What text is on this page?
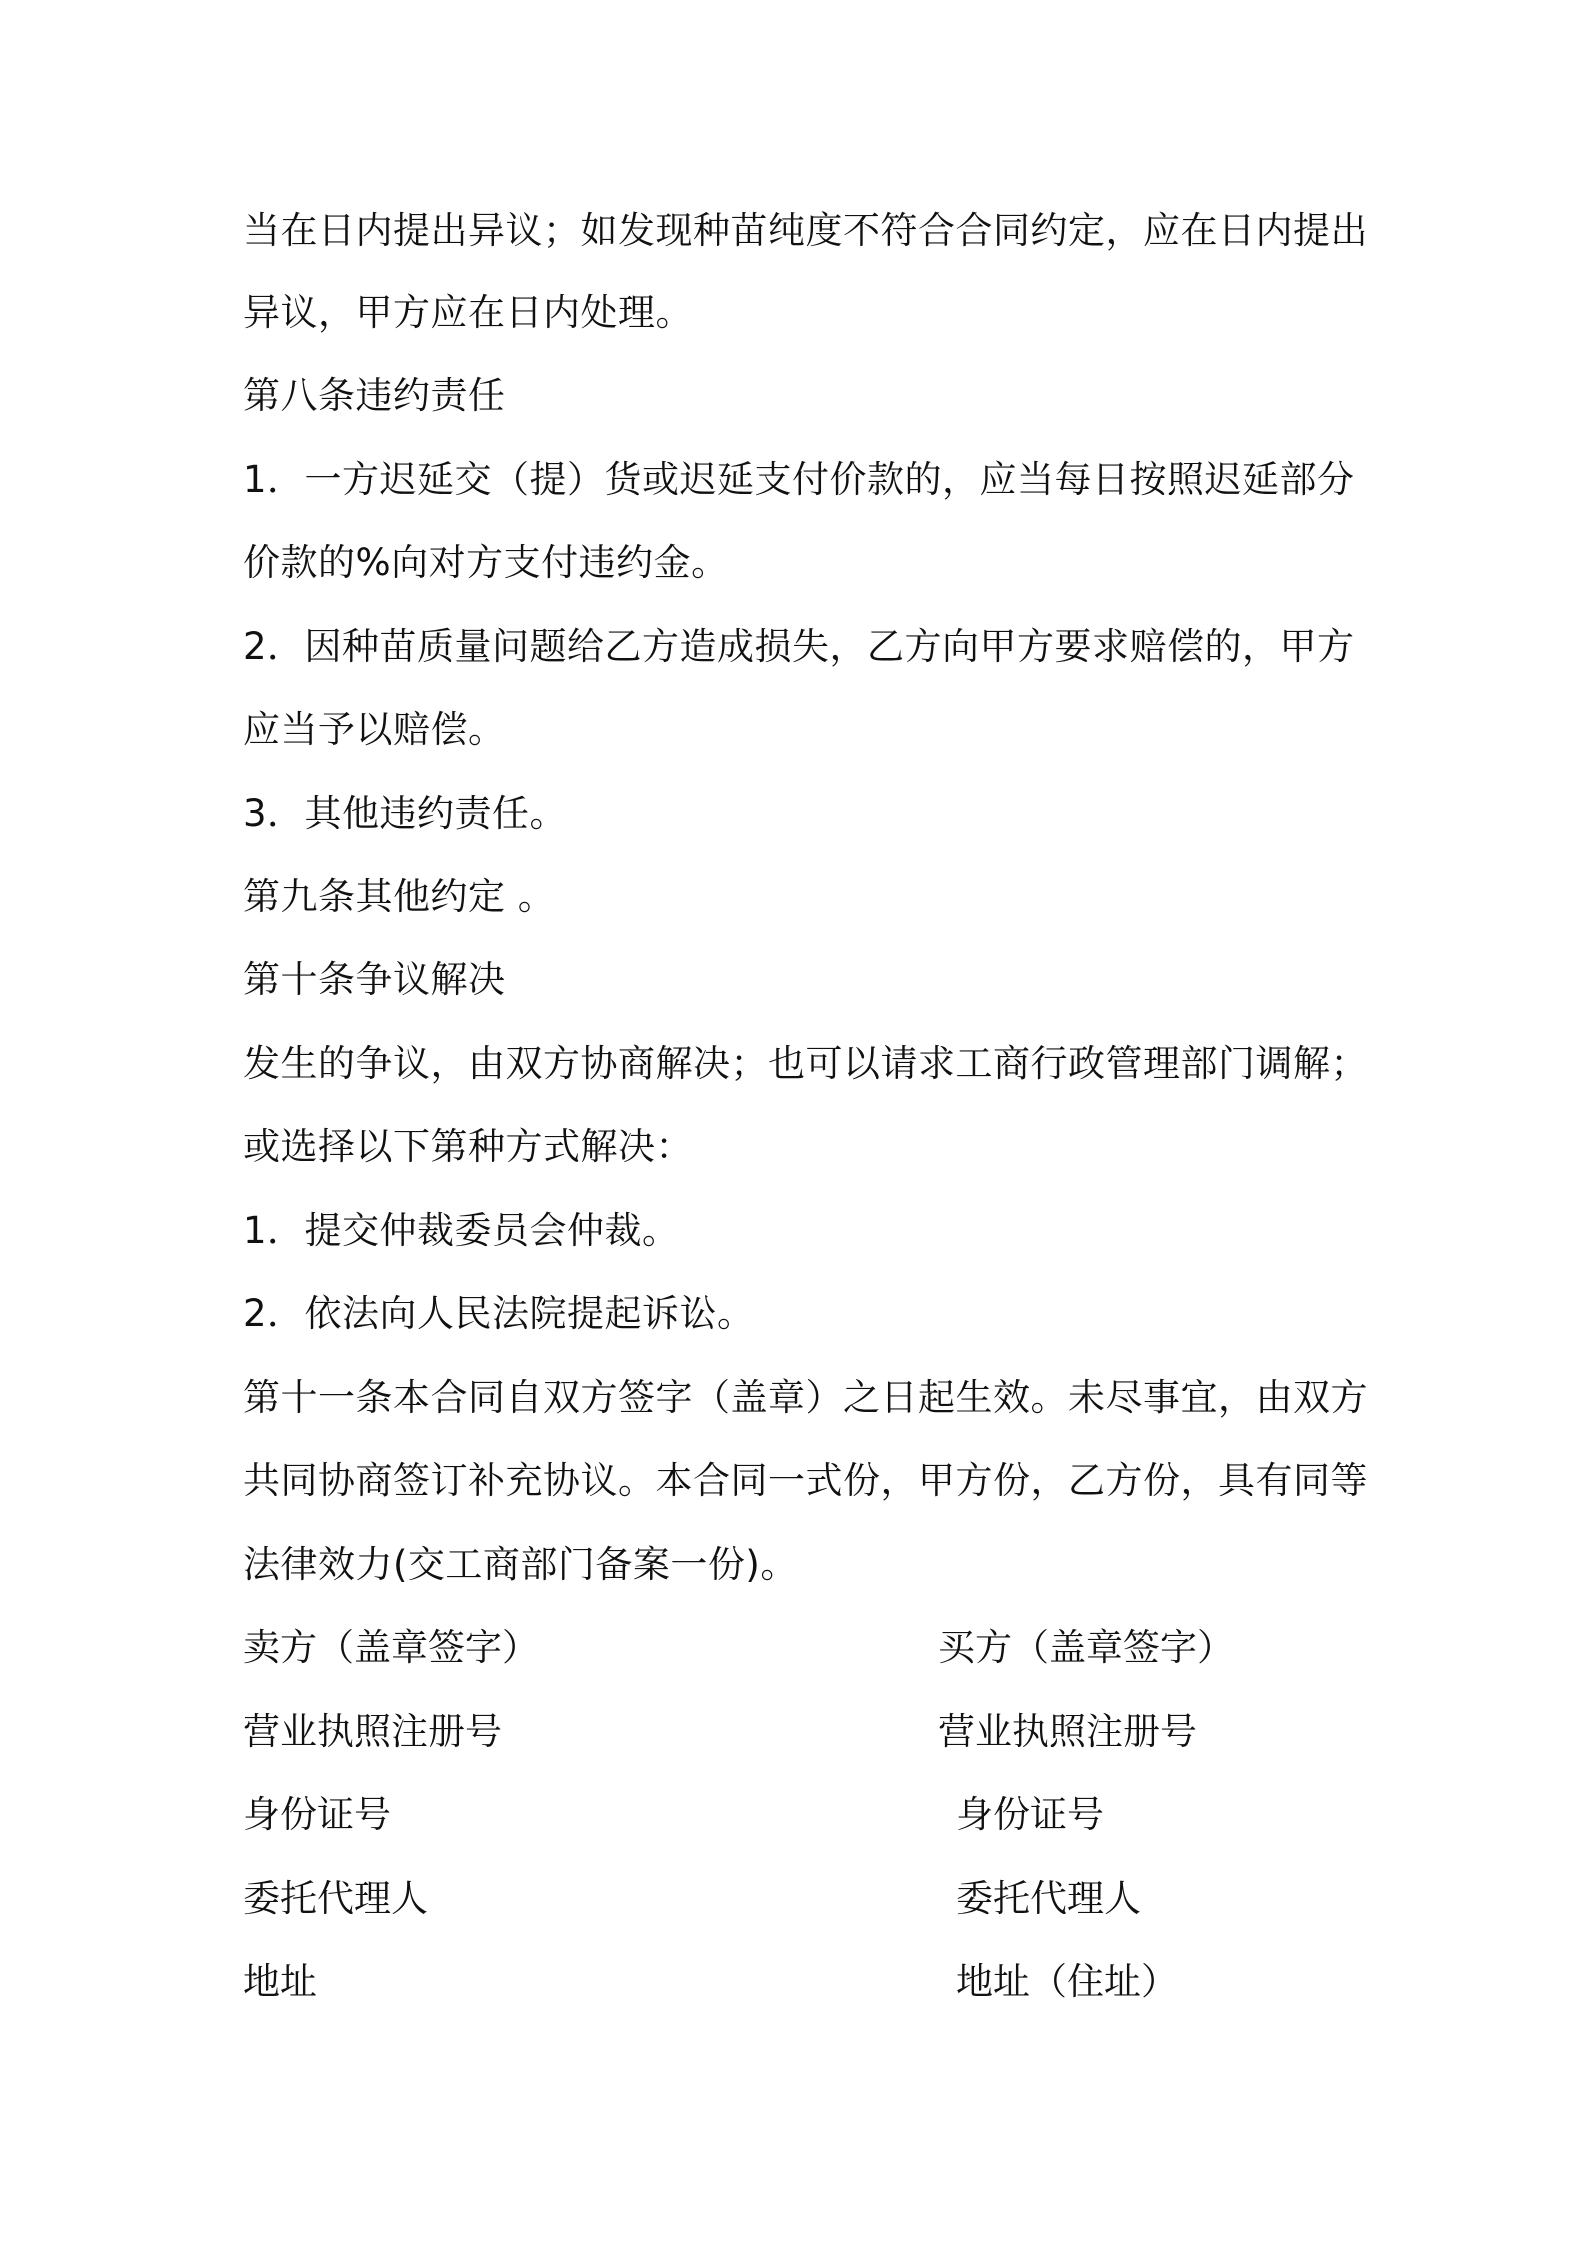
当在日内提出异议；如发现种苗纯度不符合合同约定，应在日内提出
异议，甲方应在日内处理。
第八条违约责任
1．一方迟延交（提）货或迟延支付价款的，应当每日按照迟延部分
价款的%向对方支付违约金。
2．因种苗质量问题给乙方造成损失，乙方向甲方要求赔偿的，甲方
应当予以赔偿。
3．其他违约责任。
第九条其他约定 。
第十条争议解决
发生的争议，由双方协商解决；也可以请求工商行政管理部门调解；
或选择以下第种方式解决：
1．提交仲裁委员会仲裁。
2．依法向人民法院提起诉讼。
第十一条本合同自双方签字（盖章）之日起生效。未尽事宜，由双方
共同协商签订补充协议。本合同一式份，甲方份，乙方份，具有同等
法律效力(交工商部门备案一份)。
卖方（盖章签字）	买方（盖章签字）
营业执照注册号	营业执照注册号
身份证号	身份证号
委托代理人	委托代理人
地址	地址（住址）
